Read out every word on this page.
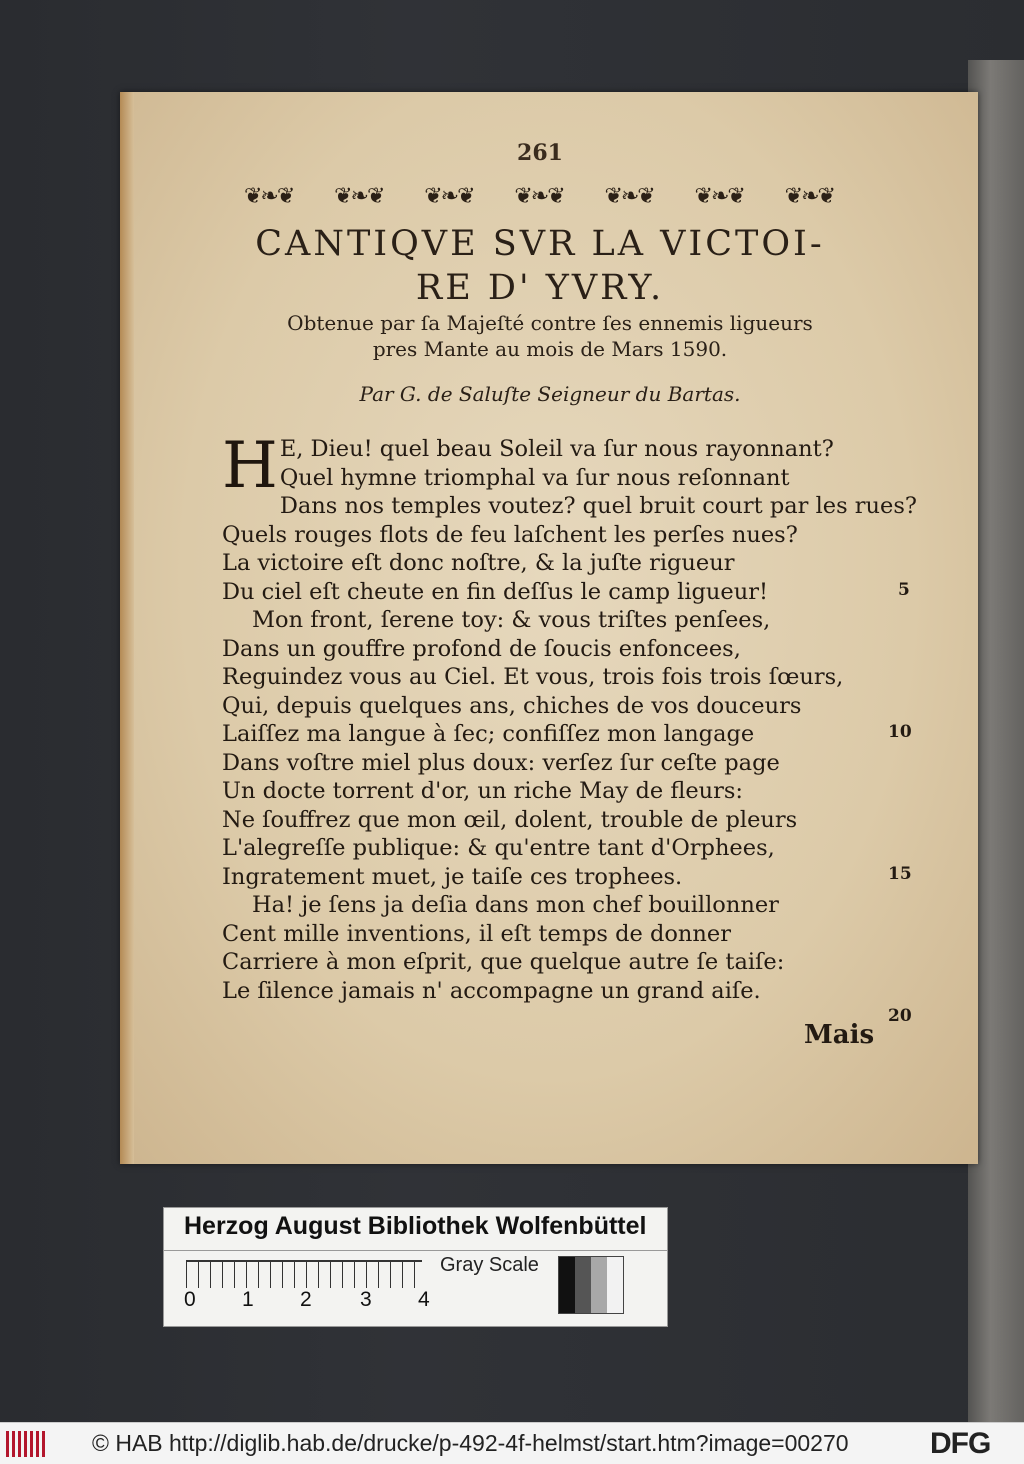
261
❦❧❦ ❦❧❦ ❦❧❦ ❦❧❦ ❦❧❦ ❦❧❦ ❦❧❦
CANTIQVE SVR LA VICTOI-
RE D' YVRY.
Obtenue par ſa Majeſté contre ſes ennemis ligueurs
pres Mante au mois de Mars 1590.
Par G. de Saluſte Seigneur du Bartas.
H E, Dieu! quel beau Soleil va ſur nous rayonnant?
Quel hymne triomphal va ſur nous reſonnant
Dans nos temples voutez? quel bruit court par les rues?
Quels rouges flots de feu laſchent les perſes nues?
La victoire eſt donc noſtre, & la juſte rigueur
Du ciel eſt cheute en fin deſſus le camp ligueur!
Mon front, ſerene toy: & vous triſtes penſees,
Dans un gouffre profond de ſoucis enfoncees,
Reguindez vous au Ciel. Et vous, trois fois trois ſœurs,
Qui, depuis quelques ans, chiches de vos douceurs
Laiſſez ma langue à ſec; confiſſez mon langage
Dans voſtre miel plus doux: verſez ſur ceſte page
Un docte torrent d'or, un riche May de fleurs:
Ne ſouffrez que mon œil, dolent, trouble de pleurs
L'alegreſſe publique: & qu'entre tant d'Orphees,
Ingratement muet, je taiſe ces trophees.
Ha! je ſens ja deſia dans mon chef bouillonner
Cent mille inventions, il eſt temps de donner
Carriere à mon eſprit, que quelque autre ſe taiſe:
Le ſilence jamais n' accompagne un grand aiſe.
5
10
15
20
Mais
Herzog August Bibliothek Wolfenbüttel
0 1 2 3 4
Gray Scale
© HAB http://diglib.hab.de/drucke/p-492-4f-helmst/start.htm?image=00270	DFG
